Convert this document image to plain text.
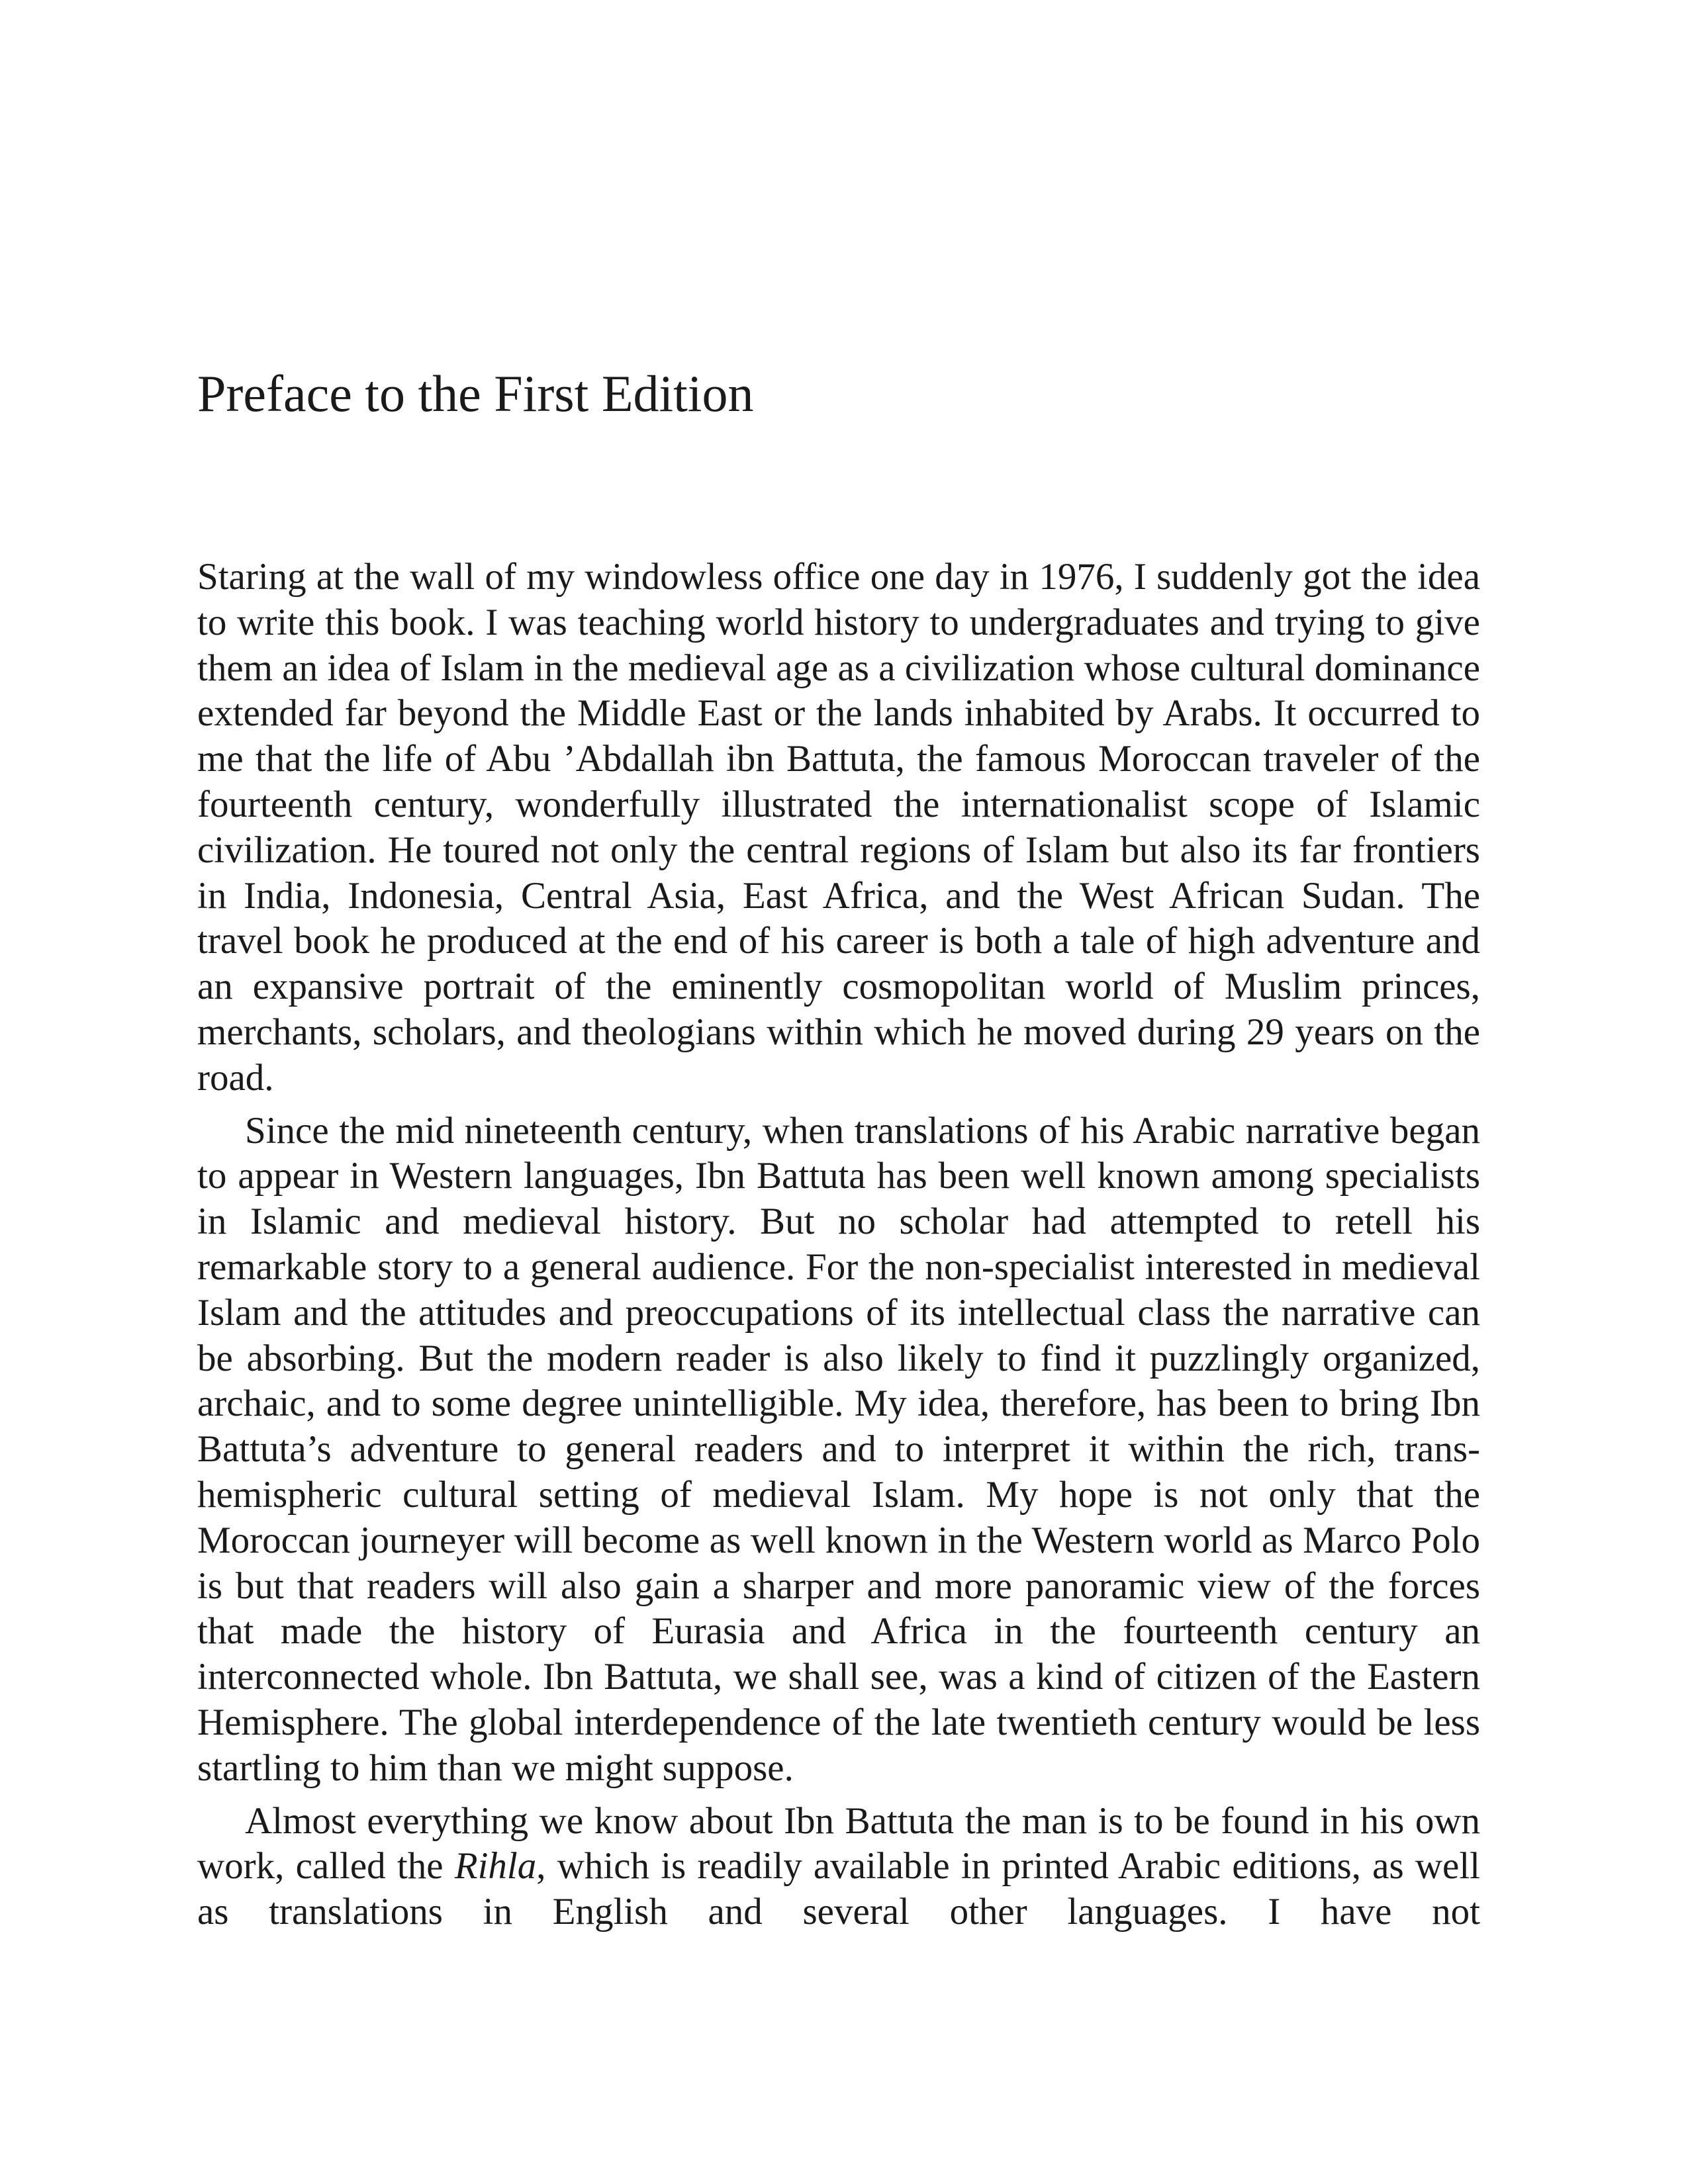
Preface to the First Edition

Staring at the wall of my windowless office one day in 1976, I suddenly got the idea to write this book. I was teaching world history to undergraduates and trying to give them an idea of Islam in the medieval age as a civilization whose cultural dominance extended far beyond the Middle East or the lands inhabited by Arabs. It occurred to me that the life of Abu ’Abdallah ibn Battuta, the famous Moroccan traveler of the fourteenth century, wonderfully illustrated the internationalist scope of Islamic civilization. He toured not only the central regions of Islam but also its far frontiers in India, Indonesia, Central Asia, East Africa, and the West African Sudan. The travel book he produced at the end of his career is both a tale of high adventure and an expansive portrait of the eminently cosmopolitan world of Muslim princes, merchants, scholars, and theologians within which he moved during 29 years on the road.

Since the mid nineteenth century, when translations of his Arabic narrative began to appear in Western languages, Ibn Battuta has been well known among specialists in Islamic and medieval history. But no scholar had attempted to retell his remarkable story to a general audience. For the non-specialist interested in medieval Islam and the attitudes and preoccupations of its intellectual class the narrative can be absorbing. But the modern reader is also likely to find it puzzlingly organized, archaic, and to some degree unintelligible. My idea, therefore, has been to bring Ibn Battuta’s adventure to general readers and to interpret it within the rich, trans-hemispheric cultural setting of medieval Islam. My hope is not only that the Moroccan journeyer will become as well known in the Western world as Marco Polo is but that readers will also gain a sharper and more panoramic view of the forces that made the history of Eurasia and Africa in the fourteenth century an interconnected whole. Ibn Battuta, we shall see, was a kind of citizen of the Eastern Hemisphere. The global interdependence of the late twentieth century would be less startling to him than we might suppose.

Almost everything we know about Ibn Battuta the man is to be found in his own work, called the Rihla, which is readily available in printed Arabic editions, as well as translations in English and several other languages. I have not
